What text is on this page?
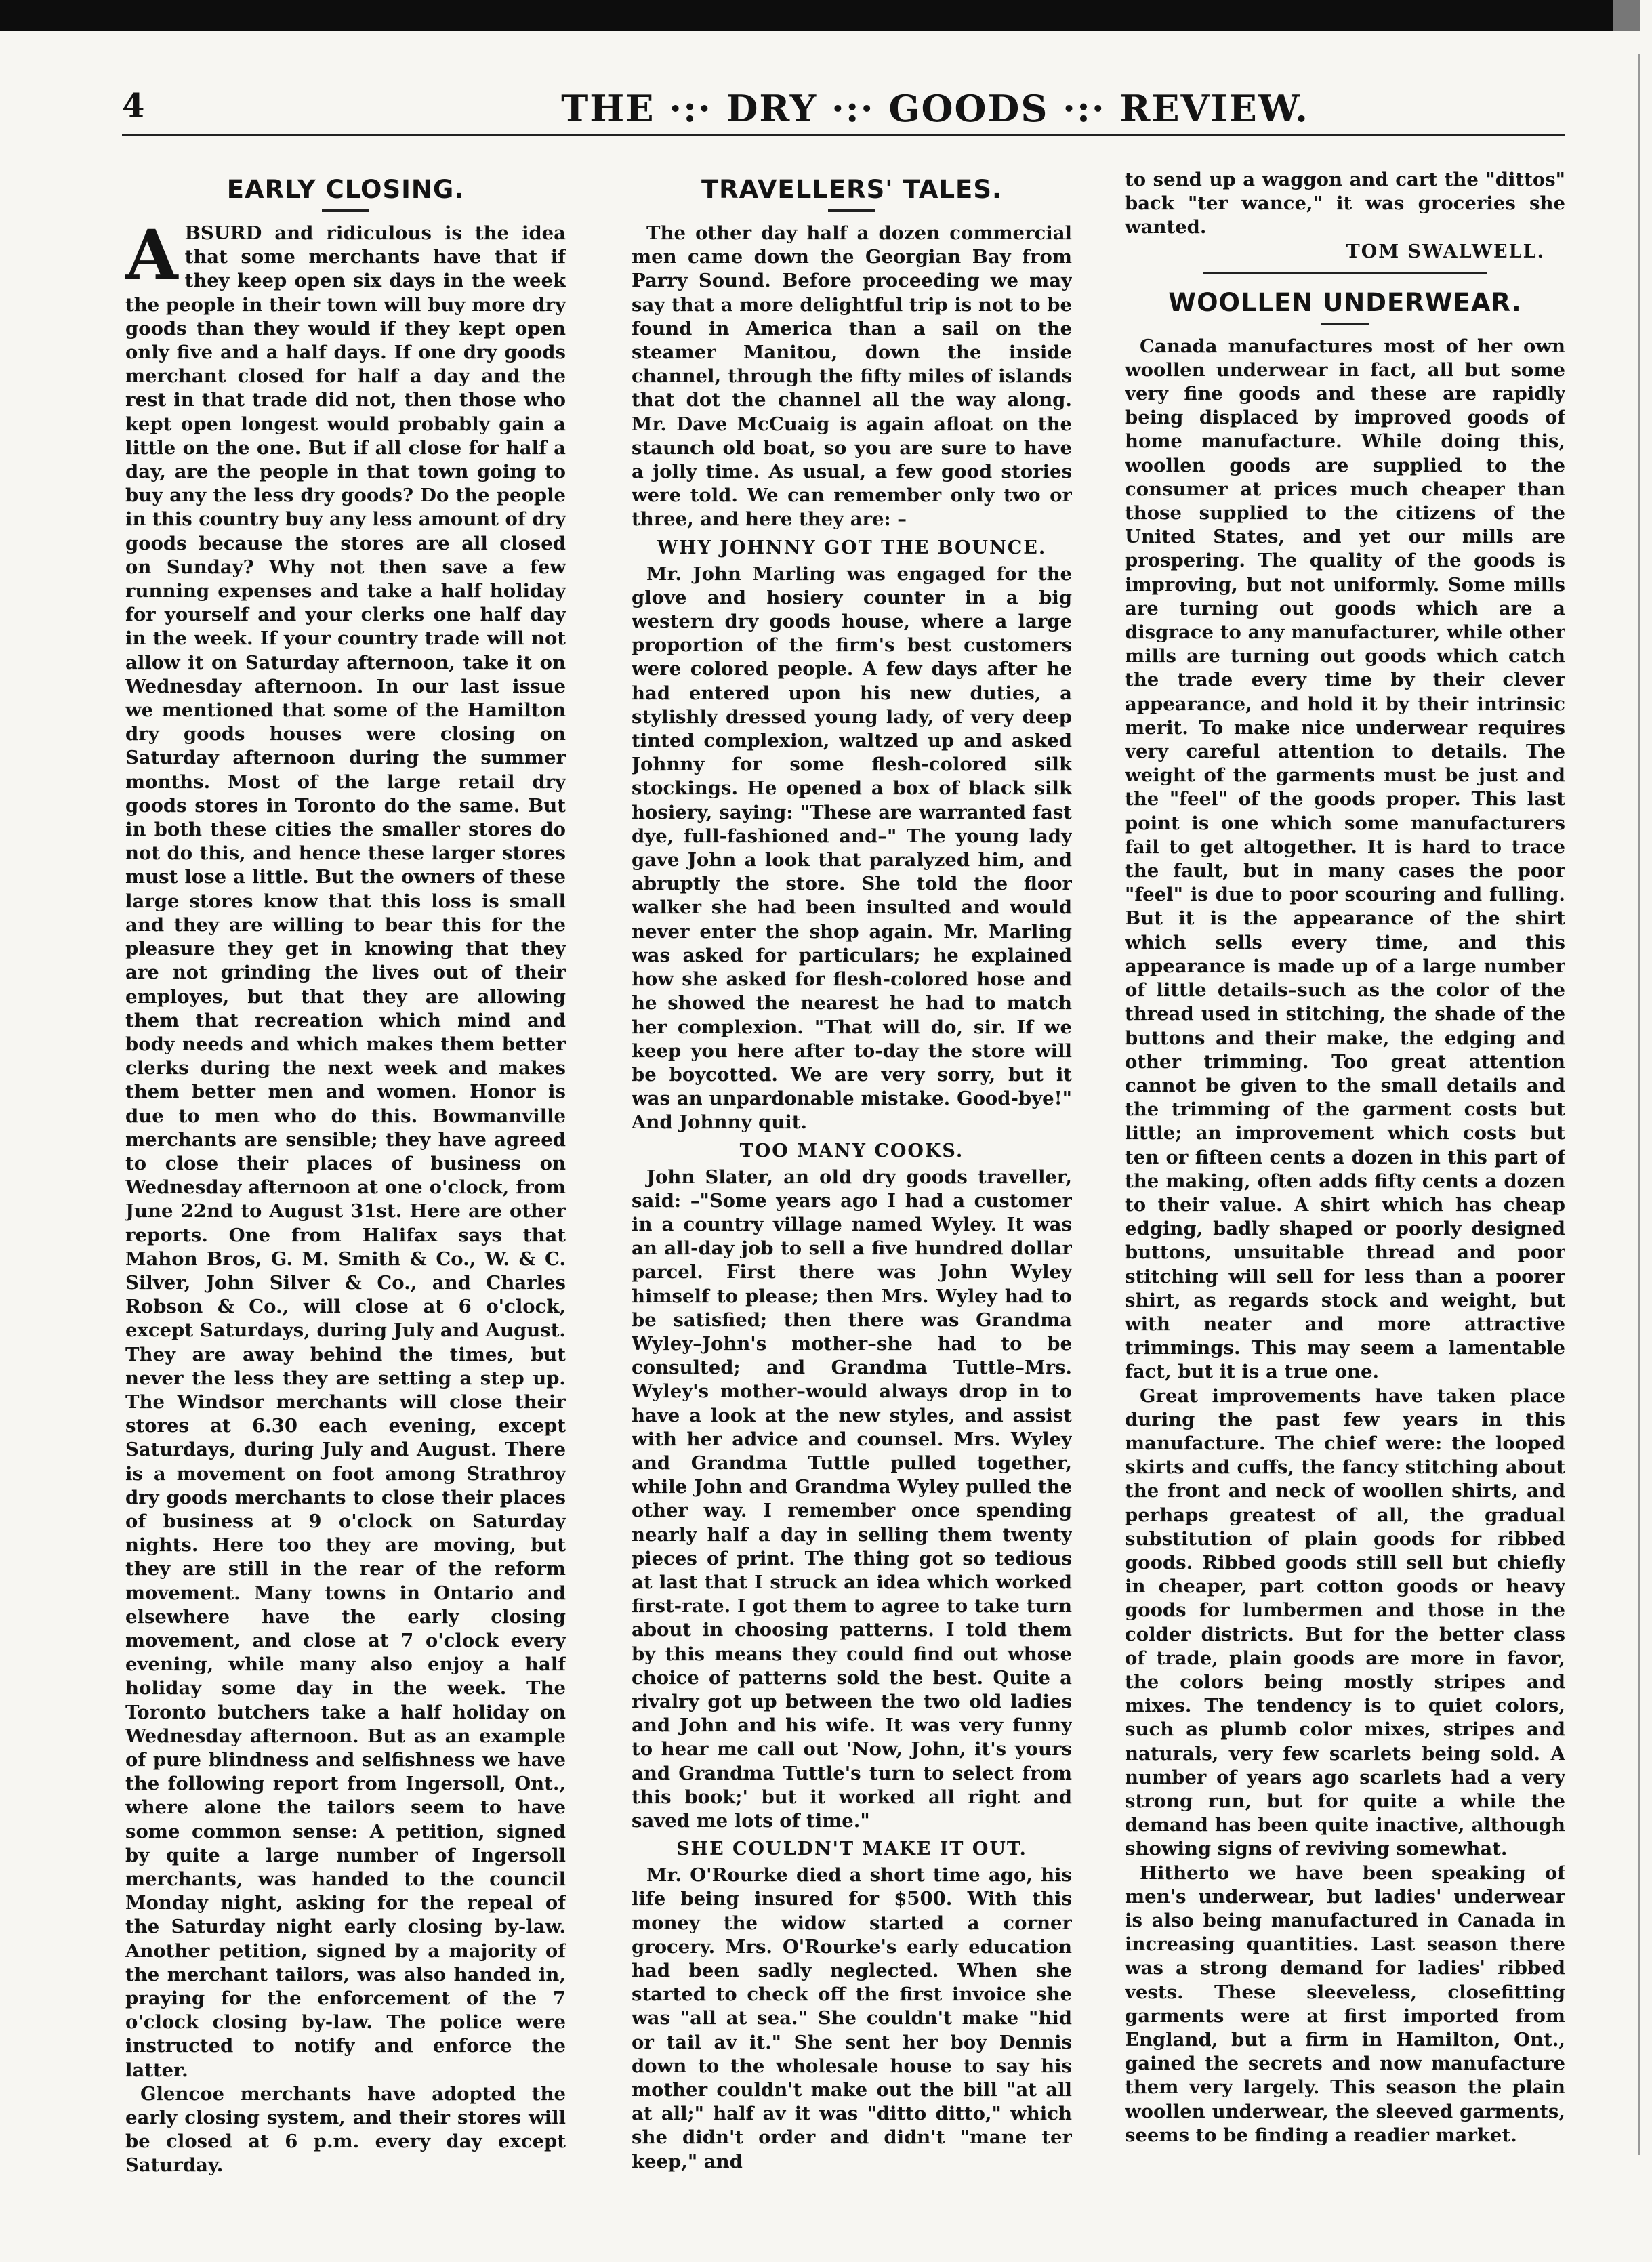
4	THE ·:· DRY ·:· GOODS ·:· REVIEW.
EARLY CLOSING.

ABSURD and ridiculous is the idea that some merchants have that if they keep open six days in the week the people in their town will buy more dry goods than they would if they kept open only five and a half days. If one dry goods merchant closed for half a day and the rest in that trade did not, then those who kept open longest would probably gain a little on the one. But if all close for half a day, are the people in that town going to buy any the less dry goods? Do the people in this country buy any less amount of dry goods because the stores are all closed on Sunday? Why not then save a few running expenses and take a half holiday for yourself and your clerks one half day in the week. If your country trade will not allow it on Saturday afternoon, take it on Wednesday afternoon. In our last issue we mentioned that some of the Hamilton dry goods houses were closing on Saturday afternoon during the summer months. Most of the large retail dry goods stores in Toronto do the same. But in both these cities the smaller stores do not do this, and hence these larger stores must lose a little. But the owners of these large stores know that this loss is small and they are willing to bear this for the pleasure they get in knowing that they are not grinding the lives out of their employes, but that they are allowing them that recreation which mind and body needs and which makes them better clerks during the next week and makes them better men and women. Honor is due to men who do this. Bowmanville merchants are sensible; they have agreed to close their places of business on Wednesday afternoon at one o'clock, from June 22nd to August 31st. Here are other reports. One from Halifax says that Mahon Bros, G. M. Smith & Co., W. & C. Silver, John Silver & Co., and Charles Robson & Co., will close at 6 o'clock, except Saturdays, during July and August. They are away behind the times, but never the less they are setting a step up. The Windsor merchants will close their stores at 6.30 each evening, except Saturdays, during July and August. There is a movement on foot among Strathroy dry goods merchants to close their places of business at 9 o'clock on Saturday nights. Here too they are moving, but they are still in the rear of the reform movement. Many towns in Ontario and elsewhere have the early closing movement, and close at 7 o'clock every evening, while many also enjoy a half holiday some day in the week. The Toronto butchers take a half holiday on Wednesday afternoon. But as an example of pure blindness and selfishness we have the following report from Ingersoll, Ont., where alone the tailors seem to have some common sense: A petition, signed by quite a large number of Ingersoll merchants, was handed to the council Monday night, asking for the repeal of the Saturday night early closing by-law. Another petition, signed by a majority of the merchant tailors, was also handed in, praying for the enforcement of the 7 o'clock closing by-law. The police were instructed to notify and enforce the latter.

Glencoe merchants have adopted the early closing system, and their stores will be closed at 6 p.m. every day except Saturday.

TRAVELLERS' TALES.

The other day half a dozen commercial men came down the Georgian Bay from Parry Sound. Before proceeding we may say that a more delightful trip is not to be found in America than a sail on the steamer Manitou, down the inside channel, through the fifty miles of islands that dot the channel all the way along. Mr. Dave McCuaig is again afloat on the staunch old boat, so you are sure to have a jolly time. As usual, a few good stories were told. We can remember only two or three, and here they are: –

WHY JOHNNY GOT THE BOUNCE.

Mr. John Marling was engaged for the glove and hosiery counter in a big western dry goods house, where a large proportion of the firm's best customers were colored people. A few days after he had entered upon his new duties, a stylishly dressed young lady, of very deep tinted complexion, waltzed up and asked Johnny for some flesh-colored silk stockings. He opened a box of black silk hosiery, saying: "These are warranted fast dye, full-fashioned and–" The young lady gave John a look that paralyzed him, and abruptly the store. She told the floor walker she had been insulted and would never enter the shop again. Mr. Marling was asked for particulars; he explained how she asked for flesh-colored hose and he showed the nearest he had to match her complexion. "That will do, sir. If we keep you here after to-day the store will be boycotted. We are very sorry, but it was an unpardonable mistake. Good-bye!" And Johnny quit.

TOO MANY COOKS.

John Slater, an old dry goods traveller, said: –"Some years ago I had a customer in a country village named Wyley. It was an all-day job to sell a five hundred dollar parcel. First there was John Wyley himself to please; then Mrs. Wyley had to be satisfied; then there was Grandma Wyley–John's mother–she had to be consulted; and Grandma Tuttle–Mrs. Wyley's mother–would always drop in to have a look at the new styles, and assist with her advice and counsel. Mrs. Wyley and Grandma Tuttle pulled together, while John and Grandma Wyley pulled the other way. I remember once spending nearly half a day in selling them twenty pieces of print. The thing got so tedious at last that I struck an idea which worked first-rate. I got them to agree to take turn about in choosing patterns. I told them by this means they could find out whose choice of patterns sold the best. Quite a rivalry got up between the two old ladies and John and his wife. It was very funny to hear me call out 'Now, John, it's yours and Grandma Tuttle's turn to select from this book;' but it worked all right and saved me lots of time."

SHE COULDN'T MAKE IT OUT.

Mr. O'Rourke died a short time ago, his life being insured for $500. With this money the widow started a corner grocery. Mrs. O'Rourke's early education had been sadly neglected. When she started to check off the first invoice she was "all at sea." She couldn't make "hid or tail av it." She sent her boy Dennis down to the wholesale house to say his mother couldn't make out the bill "at all at all;" half av it was "ditto ditto," which she didn't order and didn't "mane ter keep," and

to send up a waggon and cart the "dittos" back "ter wance," it was groceries she wanted.

TOM SWALWELL.
WOOLLEN UNDERWEAR.

Canada manufactures most of her own woollen underwear in fact, all but some very fine goods and these are rapidly being displaced by improved goods of home manufacture. While doing this, woollen goods are supplied to the consumer at prices much cheaper than those supplied to the citizens of the United States, and yet our mills are prospering. The quality of the goods is improving, but not uniformly. Some mills are turning out goods which are a disgrace to any manufacturer, while other mills are turning out goods which catch the trade every time by their clever appearance, and hold it by their intrinsic merit. To make nice underwear requires very careful attention to details. The weight of the garments must be just and the "feel" of the goods proper. This last point is one which some manufacturers fail to get altogether. It is hard to trace the fault, but in many cases the poor "feel" is due to poor scouring and fulling. But it is the appearance of the shirt which sells every time, and this appearance is made up of a large number of little details–such as the color of the thread used in stitching, the shade of the buttons and their make, the edging and other trimming. Too great attention cannot be given to the small details and the trimming of the garment costs but little; an improvement which costs but ten or fifteen cents a dozen in this part of the making, often adds fifty cents a dozen to their value. A shirt which has cheap edging, badly shaped or poorly designed buttons, unsuitable thread and poor stitching will sell for less than a poorer shirt, as regards stock and weight, but with neater and more attractive trimmings. This may seem a lamentable fact, but it is a true one.

Great improvements have taken place during the past few years in this manufacture. The chief were: the looped skirts and cuffs, the fancy stitching about the front and neck of woollen shirts, and perhaps greatest of all, the gradual substitution of plain goods for ribbed goods. Ribbed goods still sell but chiefly in cheaper, part cotton goods or heavy goods for lumbermen and those in the colder districts. But for the better class of trade, plain goods are more in favor, the colors being mostly stripes and mixes. The tendency is to quiet colors, such as plumb color mixes, stripes and naturals, very few scarlets being sold. A number of years ago scarlets had a very strong run, but for quite a while the demand has been quite inactive, although showing signs of reviving somewhat.

Hitherto we have been speaking of men's underwear, but ladies' underwear is also being manufactured in Canada in increasing quantities. Last season there was a strong demand for ladies' ribbed vests. These sleeveless, closefitting garments were at first imported from England, but a firm in Hamilton, Ont., gained the secrets and now manufacture them very largely. This season the plain woollen underwear, the sleeved garments, seems to be finding a readier market.
